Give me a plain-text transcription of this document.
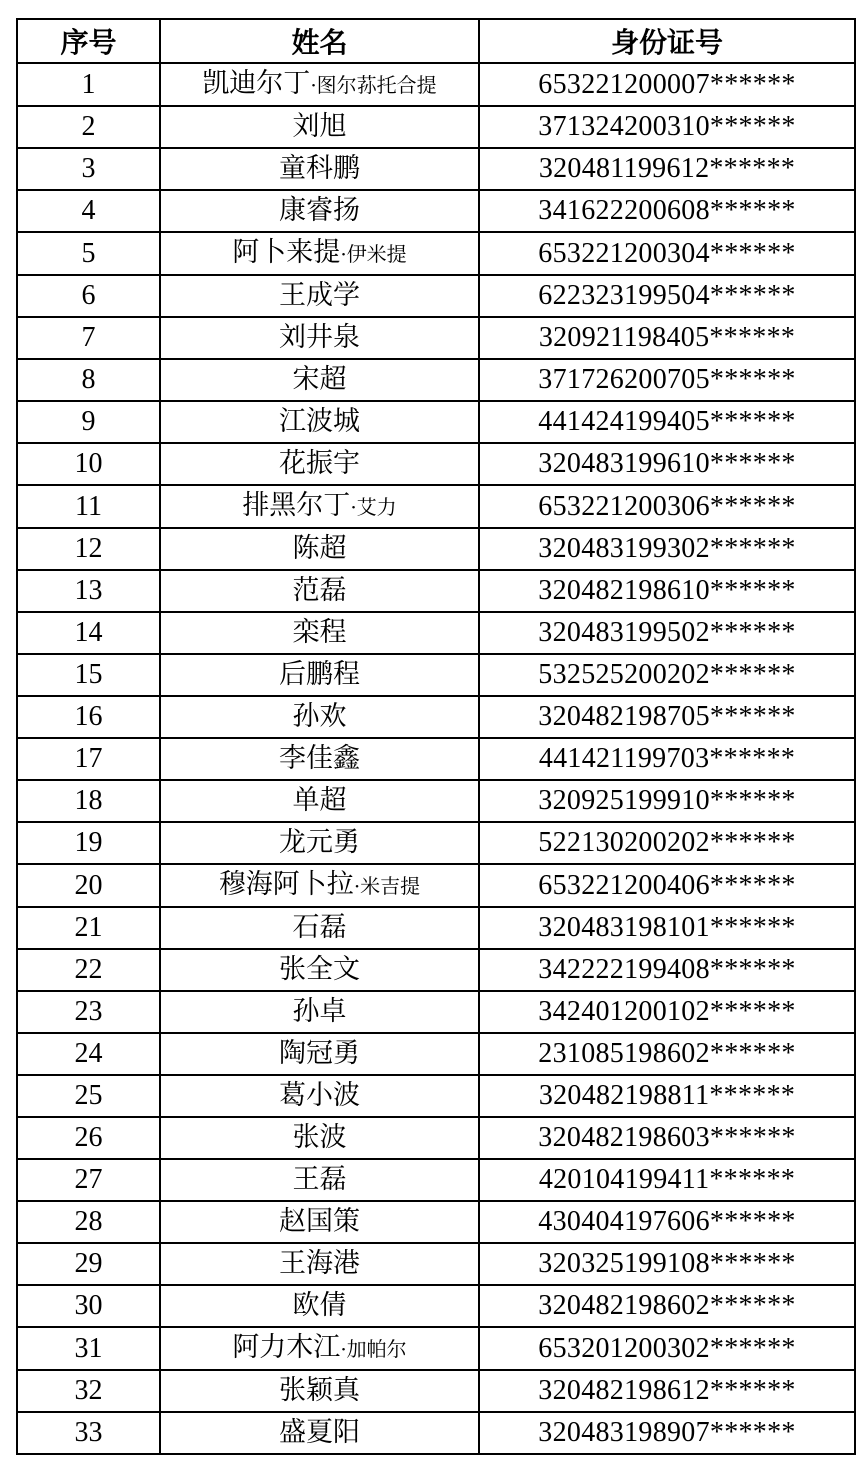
序号	姓名	身份证号
1	凯迪尔丁·图尔荪托合提	653221200007******
2	刘旭	371324200310******
3	童科鹏	320481199612******
4	康睿扬	341622200608******
5	阿卜来提·伊米提	653221200304******
6	王成学	622323199504******
7	刘井泉	320921198405******
8	宋超	371726200705******
9	江波城	441424199405******
10	花振宇	320483199610******
11	排黑尔丁·艾力	653221200306******
12	陈超	320483199302******
13	范磊	320482198610******
14	栾程	320483199502******
15	后鹏程	532525200202******
16	孙欢	320482198705******
17	李佳鑫	441421199703******
18	单超	320925199910******
19	龙元勇	522130200202******
20	穆海阿卜拉·米吉提	653221200406******
21	石磊	320483198101******
22	张全文	342222199408******
23	孙卓	342401200102******
24	陶冠勇	231085198602******
25	葛小波	320482198811******
26	张波	320482198603******
27	王磊	420104199411******
28	赵国策	430404197606******
29	王海港	320325199108******
30	欧倩	320482198602******
31	阿力木江·加帕尔	653201200302******
32	张颖真	320482198612******
33	盛夏阳	320483198907******
